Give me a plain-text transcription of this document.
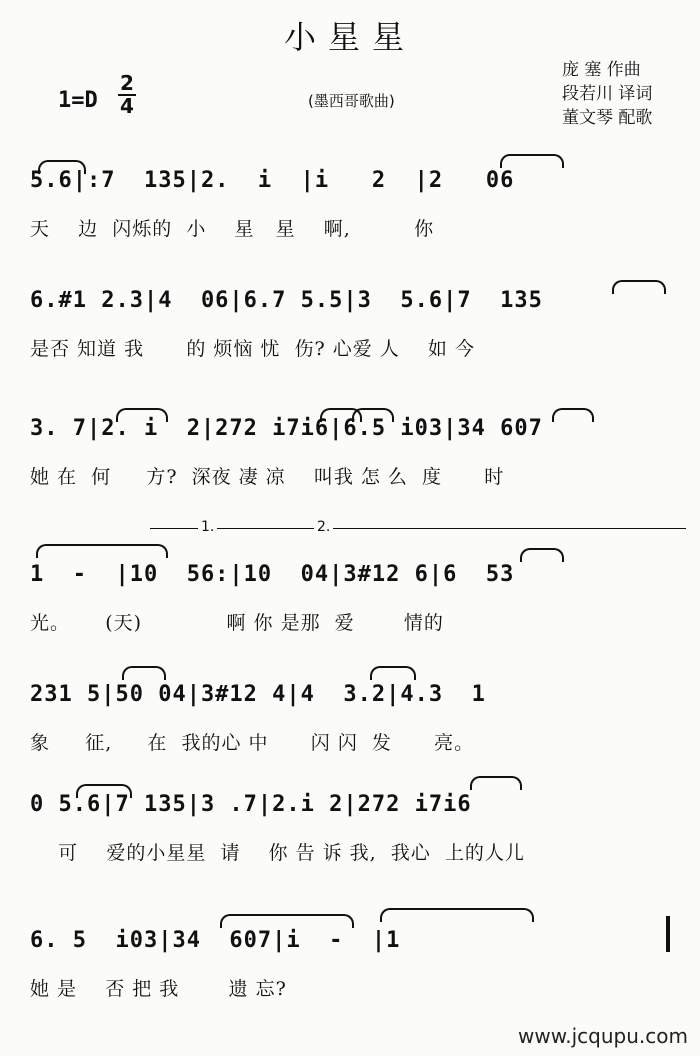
小星星
1=D
2
4	(墨西哥歌曲)
庞 塞 作曲
段若川 译词
董文琴 配歌
5.6|:7  135|2.  i  |i   2  |2   06
天    边  闪烁的  小    星   星    啊,         你
6.#1 2.3|4  06|6.7 5.5|3  5.6|7  135
是否 知道 我      的 烦恼 忧  伤? 心爱 人    如 今
3. 7|2. i  2|272 i7i6|6.5 i03|34 607
她 在  何     方?  深夜 凄 凉    叫我 怎 么  度      时
1.	2.
1  -  |10  56:|10  04|3#12 6|6  53
光。     (天)            啊 你 是那  爱       情的
231 5|50 04|3#12 4|4  3.2|4.3  1
象     征,     在  我的心 中      闪 闪  发      亮。
0 5.6|7 135|3 .7|2.i 2|272 i7i6
可    爱的小星星  请    你 告 诉 我,  我心  上的人儿
6. 5  i03|34  607|i  -  |1
她 是    否 把 我       遗 忘?
www.jcqupu.com
